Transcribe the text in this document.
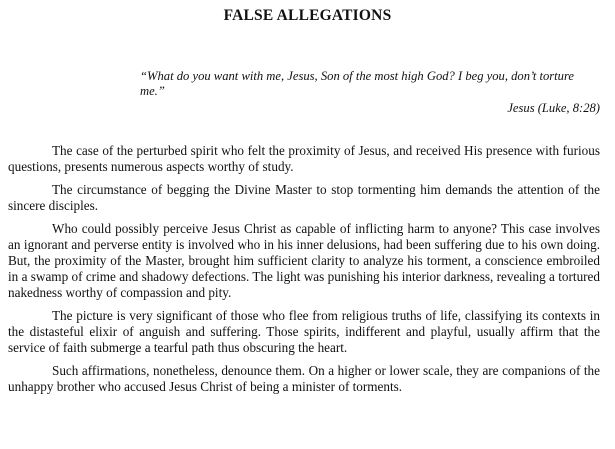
FALSE ALLEGATIONS
“What do you want with me, Jesus, Son of the most high God? I beg you, don’t torture me.”
Jesus (Luke, 8:28)

The case of the perturbed spirit who felt the proximity of Jesus, and received His presence with furious questions, presents numerous aspects worthy of study.

The circumstance of begging the Divine Master to stop tormenting him demands the attention of the sincere disciples.

Who could possibly perceive Jesus Christ as capable of inflicting harm to anyone? This case involves an ignorant and perverse entity is involved who in his inner delusions, had been suffering due to his own doing. But, the proximity of the Master, brought him sufficient clarity to analyze his torment, a conscience embroiled in a swamp of crime and shadowy defections. The light was punishing his interior darkness, revealing a tortured nakedness worthy of compassion and pity.

The picture is very significant of those who flee from religious truths of life, classifying its contexts in the distasteful elixir of anguish and suffering. Those spirits, indifferent and playful, usually affirm that the service of faith submerge a tearful path thus obscuring the heart.

Such affirmations, nonetheless, denounce them. On a higher or lower scale, they are companions of the unhappy brother who accused Jesus Christ of being a minister of torments.
